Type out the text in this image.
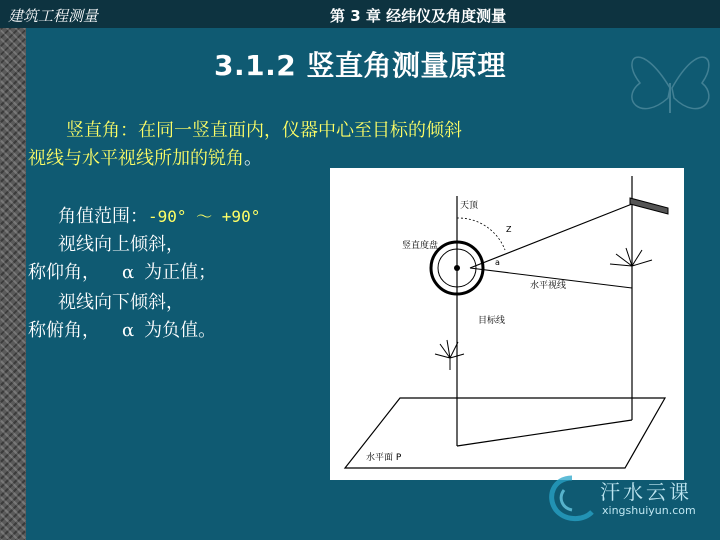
建筑工程测量	第 3 章 经纬仪及角度测量
3.1.2 竖直角测量原理
竖直角：在同一竖直面内，仪器中心至目标的倾斜
视线与水平视线所加的锐角。
角值范围：-90° ～ +90°
视线向上倾斜，
称仰角， α 为正值；
视线向下倾斜，
称俯角， α 为负值。
天顶
竖直度盘
水平视线
目标线
水平面 P
Z
a
汗水云课
xingshuiyun.com
